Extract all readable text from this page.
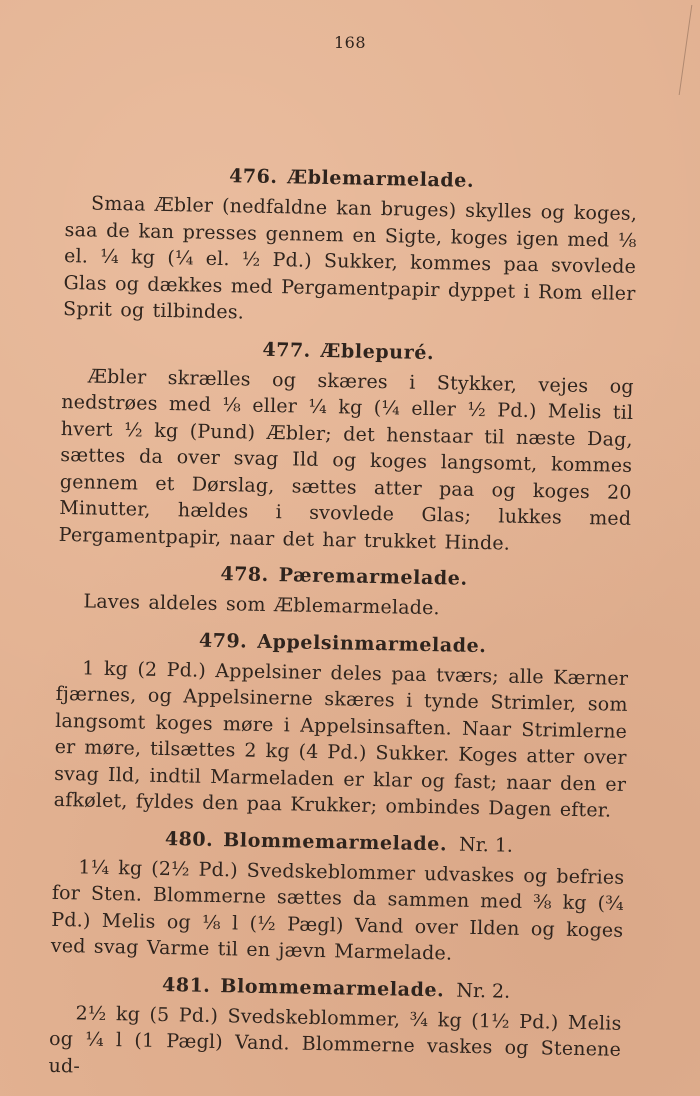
168
476. Æblemarmelade.

Smaa Æbler (nedfaldne kan bruges) skylles og koges, saa de kan presses gennem en Sigte, koges igen med ⅛ el. ¼ kg (¼ el. ½ Pd.) Sukker, kommes paa svovlede Glas og dækkes med Pergamentpapir dyppet i Rom eller Sprit og tilbindes.

477. Æblepuré.

Æbler skrælles og skæres i Stykker, vejes og nedstrøes med ⅛ eller ¼ kg (¼ eller ½ Pd.) Melis til hvert ½ kg (Pund) Æbler; det henstaar til næste Dag, sættes da over svag Ild og koges langsomt, kommes gennem et Dørslag, sættes atter paa og koges 20 Minutter, hældes i svovlede Glas; lukkes med Pergamentpapir, naar det har trukket Hinde.

478. Pæremarmelade.

Laves aldeles som Æblemarmelade.

479. Appelsinmarmelade.

1 kg (2 Pd.) Appelsiner deles paa tværs; alle Kærner fjærnes, og Appelsinerne skæres i tynde Strimler, som langsomt koges møre i Appelsinsaften. Naar Strimlerne er møre, tilsættes 2 kg (4 Pd.) Sukker. Koges atter over svag Ild, indtil Marmeladen er klar og fast; naar den er afkølet, fyldes den paa Krukker; ombindes Dagen efter.

480. Blommemarmelade. Nr. 1.

1¼ kg (2½ Pd.) Svedskeblommer udvaskes og befries for Sten. Blommerne sættes da sammen med ⅜ kg (¾ Pd.) Melis og ⅛ l (½ Pægl) Vand over Ilden og koges ved svag Varme til en jævn Marmelade.

481. Blommemarmelade. Nr. 2.

2½ kg (5 Pd.) Svedskeblommer, ¾ kg (1½ Pd.) Melis og ¼ l (1 Pægl) Vand. Blommerne vaskes og Stenene ud-
